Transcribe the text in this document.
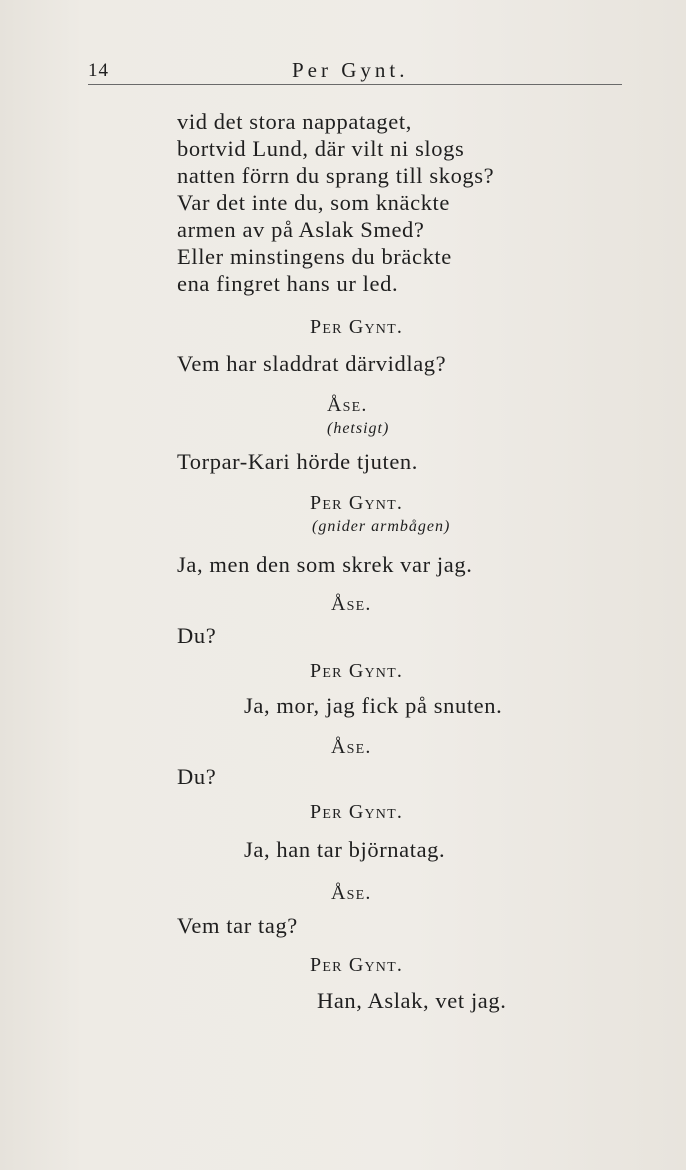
14	Per Gynt.
vid det stora nappataget,
bortvid Lund, där vilt ni slogs
natten förrn du sprang till skogs?
Var det inte du, som knäckte
armen av på Aslak Smed?
Eller minstingens du bräckte
ena fingret hans ur led.
Per Gynt.
Vem har sladdrat därvidlag?
Åse.
(hetsigt)
Torpar-Kari hörde tjuten.
Per Gynt.
(gnider armbågen)
Ja, men den som skrek var jag.
Åse.
Du?
Per Gynt.
Ja, mor, jag fick på snuten.
Åse.
Du?
Per Gynt.
Ja, han tar björnatag.
Åse.
Vem tar tag?
Per Gynt.
Han, Aslak, vet jag.
